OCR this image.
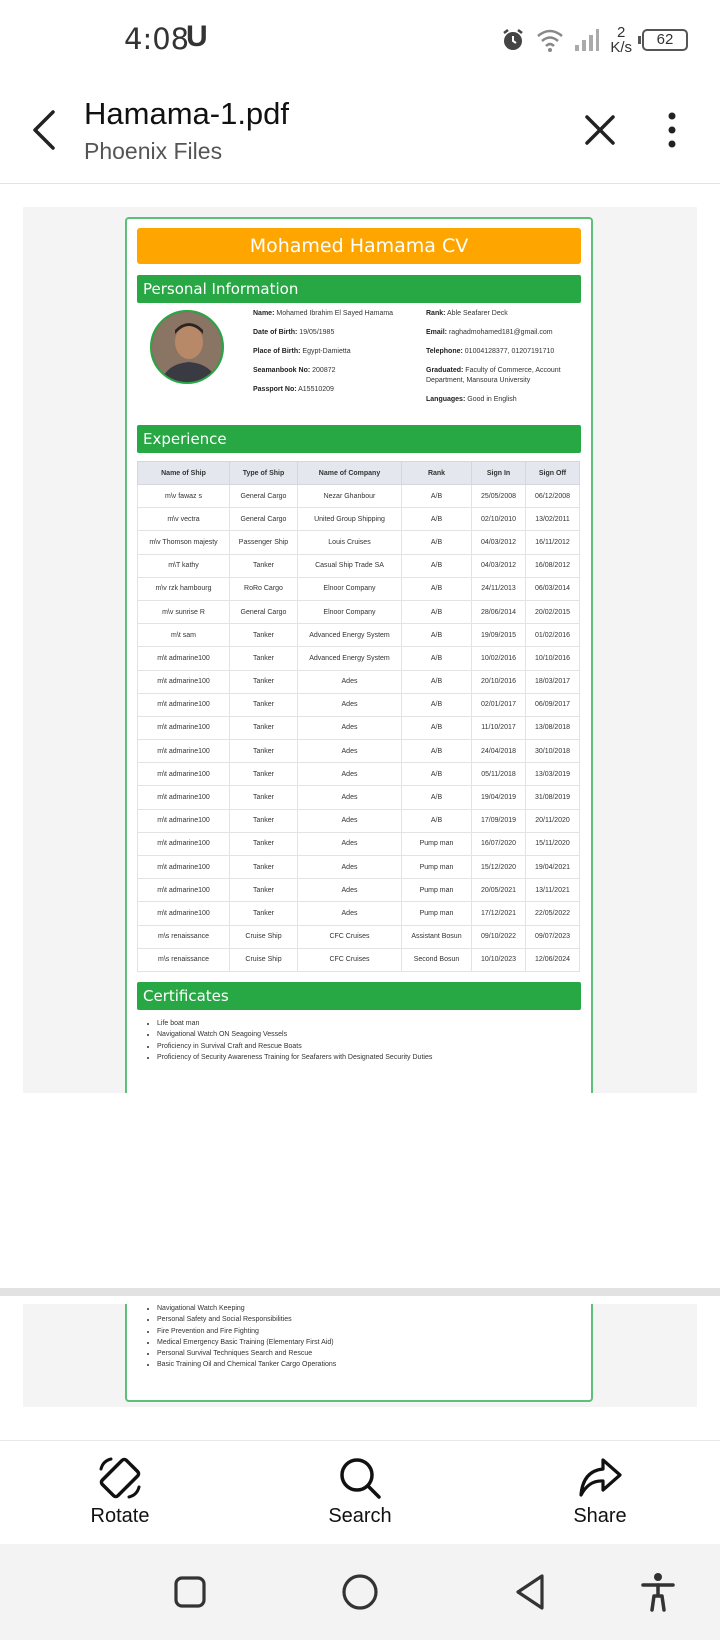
4:08
U	2
K/s	62
Hamama-1.pdf
Phoenix Files
Mohamed Hamama CV
Personal Information
Name: Mohamed Ibrahim El Sayed Hamama
Date of Birth: 19/05/1985
Place of Birth: Egypt-Damietta
Seamanbook No: 200872
Passport No: A15510209
Rank: Able Seafarer Deck
Email: raghadmohamed181@gmail.com
Telephone: 01004128377, 01207191710
Graduated: Faculty of Commerce, Account Department, Mansoura University
Languages: Good in English
Experience
Name of Ship	Type of Ship	Name of Company	Rank	Sign In	Sign Off
m\v fawaz s	General Cargo	Nezar Ghanbour	A/B	25/05/2008	06/12/2008
m\v vectra	General Cargo	United Group Shipping	A/B	02/10/2010	13/02/2011
m\v Thomson majesty	Passenger Ship	Louis Cruises	A/B	04/03/2012	16/11/2012
m\T kathy	Tanker	Casual Ship Trade SA	A/B	04/03/2012	16/08/2012
m\v rzk hambourg	RoRo Cargo	Elnoor Company	A/B	24/11/2013	06/03/2014
m\v sunrise R	General Cargo	Elnoor Company	A/B	28/06/2014	20/02/2015
m\t sam	Tanker	Advanced Energy System	A/B	19/09/2015	01/02/2016
m\t admarine100	Tanker	Advanced Energy System	A/B	10/02/2016	10/10/2016
m\t admarine100	Tanker	Ades	A/B	20/10/2016	18/03/2017
m\t admarine100	Tanker	Ades	A/B	02/01/2017	06/09/2017
m\t admarine100	Tanker	Ades	A/B	11/10/2017	13/08/2018
m\t admarine100	Tanker	Ades	A/B	24/04/2018	30/10/2018
m\t admarine100	Tanker	Ades	A/B	05/11/2018	13/03/2019
m\t admarine100	Tanker	Ades	A/B	19/04/2019	31/08/2019
m\t admarine100	Tanker	Ades	A/B	17/09/2019	20/11/2020
m\t admarine100	Tanker	Ades	Pump man	16/07/2020	15/11/2020
m\t admarine100	Tanker	Ades	Pump man	15/12/2020	19/04/2021
m\t admarine100	Tanker	Ades	Pump man	20/05/2021	13/11/2021
m\t admarine100	Tanker	Ades	Pump man	17/12/2021	22/05/2022
m\s renaissance	Cruise Ship	CFC Cruises	Assistant Bosun	09/10/2022	09/07/2023
m\s renaissance	Cruise Ship	CFC Cruises	Second Bosun	10/10/2023	12/06/2024
Certificates
• Life boat man
• Navigational Watch ON Seagoing Vessels
• Proficiency in Survival Craft and Rescue Boats
• Proficiency of Security Awareness Training for Seafarers with Designated Security Duties
• Navigational Watch Keeping
• Personal Safety and Social Responsibilities
• Fire Prevention and Fire Fighting
• Medical Emergency Basic Training (Elementary First Aid)
• Personal Survival Techniques Search and Rescue
• Basic Training Oil and Chemical Tanker Cargo Operations
Rotate	Search	Share
